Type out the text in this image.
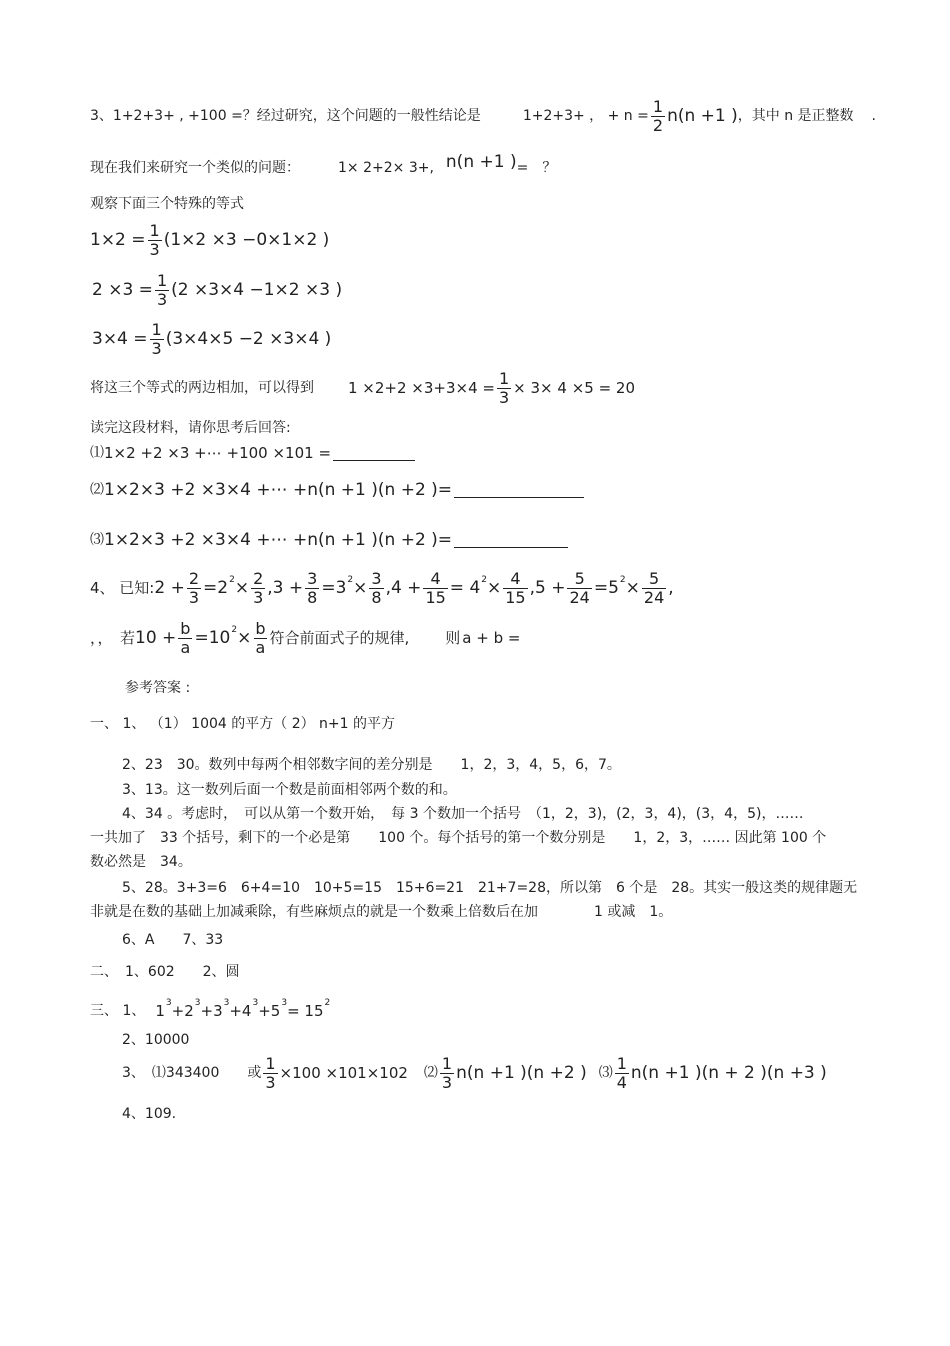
3、1+2+3+ , +100 =？经过研究，这个问题的一般性结论是	1+2+3+ ， + $n = \frac{1}{2} n(n +1$ ) ，其中 n 是正整数 .
现在我们来研究一个类似的问题：	1× 2+2× 3+, n(n +1 ) =　？
观察下面三个特殊的等式
$1\times 2 = \frac{1}{3} (1\times 2 \times 3 -0\times 1\times 2$ )
$2 \times 3 = \frac{1}{3} (2 \times 3\times 4 -1\times 2 \times 3$ )
$3\times 4 = \frac{1}{3} (3\times 4\times 5 -2 \times 3\times 4$ )
将这三个等式的两边相加，可以得到 $1 \times 2+2 \times 3+3\times 4 = \frac{1}{3} \times 3\times 4 \times 5 = 20$
读完这段材料，请你思考后回答:
⑴ 1×2 +2 ×3 +⋯ +100 ×101 =
⑵ 1×2×3 +2 ×3×4 +⋯ +n(n +1 )(n +2 )=
⑶ 1×2×3 +2 ×3×4 +⋯ +n(n +1 )(n +2 )=
4、 已知: $2 + \frac{2}{3} =2$ $2 \times \frac{2}{3} ,3 + \frac{3}{8} =3$ $2 \times \frac{3}{8} ,4 + \frac{4}{15} = 4$ $2 \times \frac{4}{15} ,5 + \frac{5}{24} =5$ $2 \times \frac{5}{24}$ ,
，，　若 $10 + \frac{b}{a} =10$ $2 \times \frac{b}{a}$ 符合前面式子的规律, 则 a + b =
参考答案 :
一、 1、 （1） 1004 的平方（ 2） n+1 的平方
2、23　30。数列中每两个相邻数字间的差分别是　　1，2，3，4，5，6，7。
3、13。这一数列后面一个数是前面相邻两个数的和。
4、34 。考虑时，　可以从第一个数开始，　每 3 个数加一个括号　（1，2，3)，(2，3，4)，(3，4，5)，……
一共加了　33 个括号，剩下的一个必是第　　100 个。每个括号的第一个数分别是　　1，2，3，…… 因此第 100 个
数必然是　34。
5、28。3+3=6　6+4=10　10+5=15　15+6=21　21+7=28，所以第　6 个是　28。其实一般这类的规律题无
非就是在数的基础上加减乘除，有些麻烦点的就是一个数乘上倍数后在加　　　　1 或减　1。
6、A　　7、33
二、　1、602　　2、圆
三、 1、 1 3 +2 3 +3 3 +4 3 +5 3 = 15 2
2、10000
3、　⑴343400　　或 $\frac{1}{3} \times 100 \times 101\times 102$ ⑵ $\frac{1}{3} n(n +1$ )(n +2 ) ⑶ $\frac{1}{4} n(n +1$ )(n + 2 )(n +3 )
4、109.
